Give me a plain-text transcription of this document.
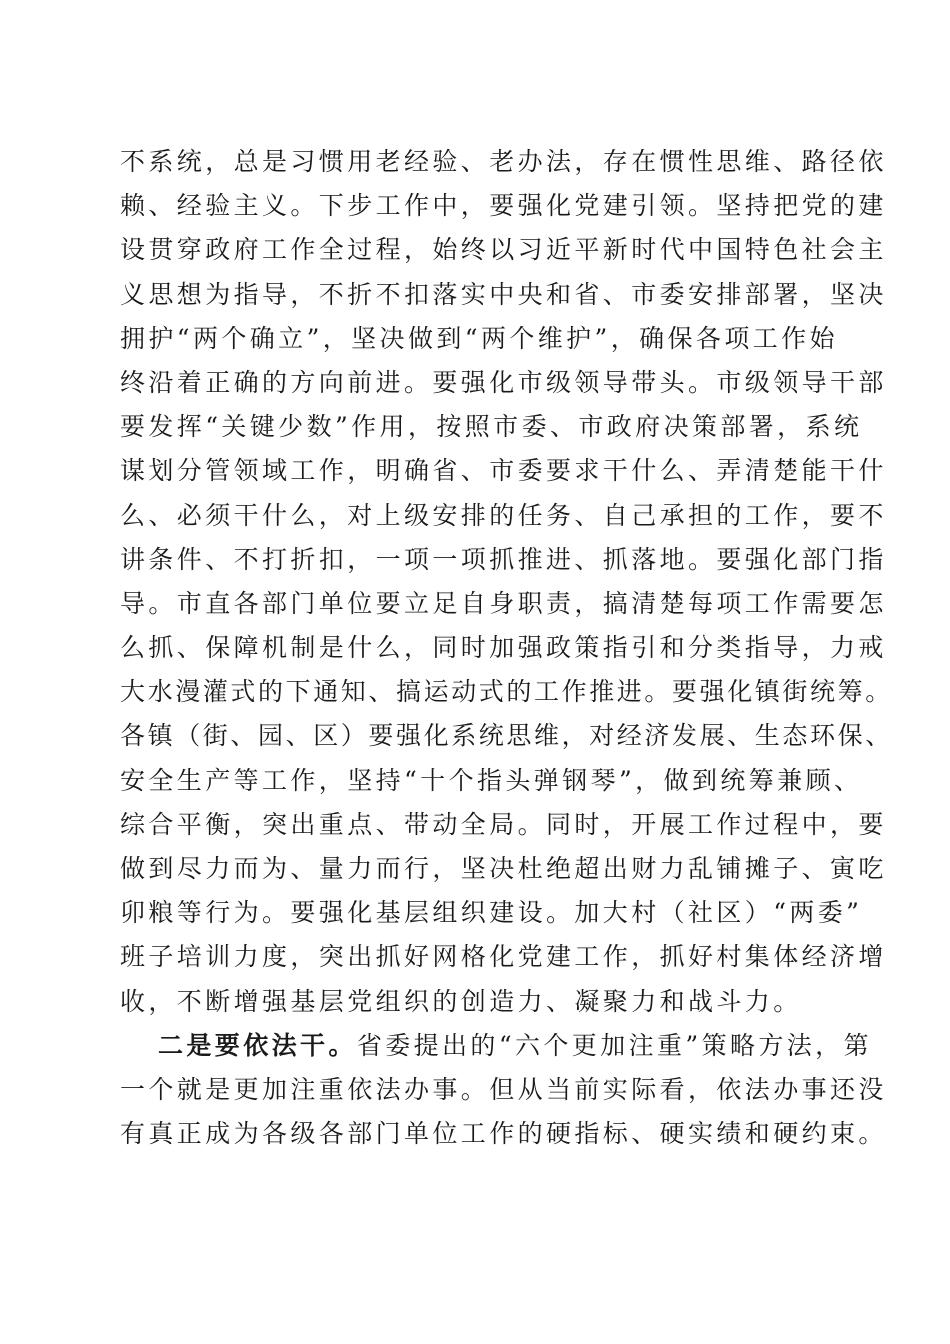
不系统，总是习惯用老经验、老办法，存在惯性思维、路径依
赖、经验主义。下步工作中，要强化党建引领。坚持把党的建
设贯穿政府工作全过程，始终以习近平新时代中国特色社会主
义思想为指导，不折不扣落实中央和省、市委安排部署，坚决
拥护“两个确立”，坚决做到“两个维护”，确保各项工作始
终沿着正确的方向前进。要强化市级领导带头。市级领导干部
要发挥“关键少数”作用，按照市委、市政府决策部署，系统
谋划分管领域工作，明确省、市委要求干什么、弄清楚能干什
么、必须干什么，对上级安排的任务、自己承担的工作，要不
讲条件、不打折扣，一项一项抓推进、抓落地。要强化部门指
导。市直各部门单位要立足自身职责，搞清楚每项工作需要怎
么抓、保障机制是什么，同时加强政策指引和分类指导，力戒
大水漫灌式的下通知、搞运动式的工作推进。要强化镇街统筹。
各镇（街、园、区）要强化系统思维，对经济发展、生态环保、
安全生产等工作，坚持“十个指头弹钢琴”，做到统筹兼顾、
综合平衡，突出重点、带动全局。同时，开展工作过程中，要
做到尽力而为、量力而行，坚决杜绝超出财力乱铺摊子、寅吃
卯粮等行为。要强化基层组织建设。加大村（社区）“两委”
班子培训力度，突出抓好网格化党建工作，抓好村集体经济增
收，不断增强基层党组织的创造力、凝聚力和战斗力。
二是要依法干。省委提出的“六个更加注重”策略方法，第
一个就是更加注重依法办事。但从当前实际看，依法办事还没
有真正成为各级各部门单位工作的硬指标、硬实绩和硬约束。
